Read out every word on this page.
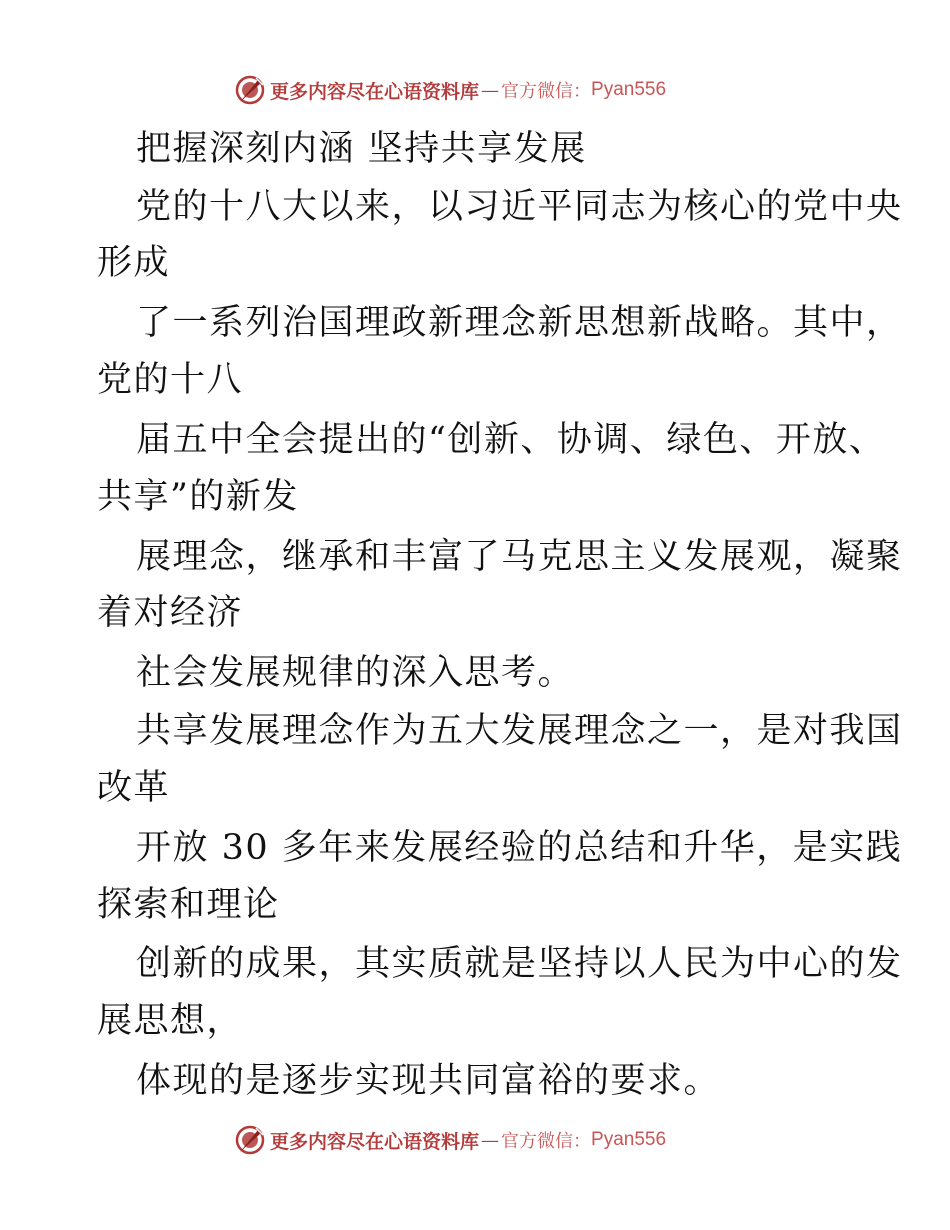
更多内容尽在心语资料库 — 官方微信： Pyan556
把握深刻内涵 坚持共享发展
党的十八大以来，以习近平同志为核心的党中央
形成
了一系列治国理政新理念新思想新战略。其中，
党的十八
届五中全会提出的“创新、协调、绿色、开放、
共享”的新发
展理念，继承和丰富了马克思主义发展观，凝聚
着对经济
社会发展规律的深入思考。
共享发展理念作为五大发展理念之一，是对我国
改革
开放 30 多年来发展经验的总结和升华，是实践
探索和理论
创新的成果，其实质就是坚持以人民为中心的发
展思想，
体现的是逐步实现共同富裕的要求。
更多内容尽在心语资料库 — 官方微信： Pyan556
